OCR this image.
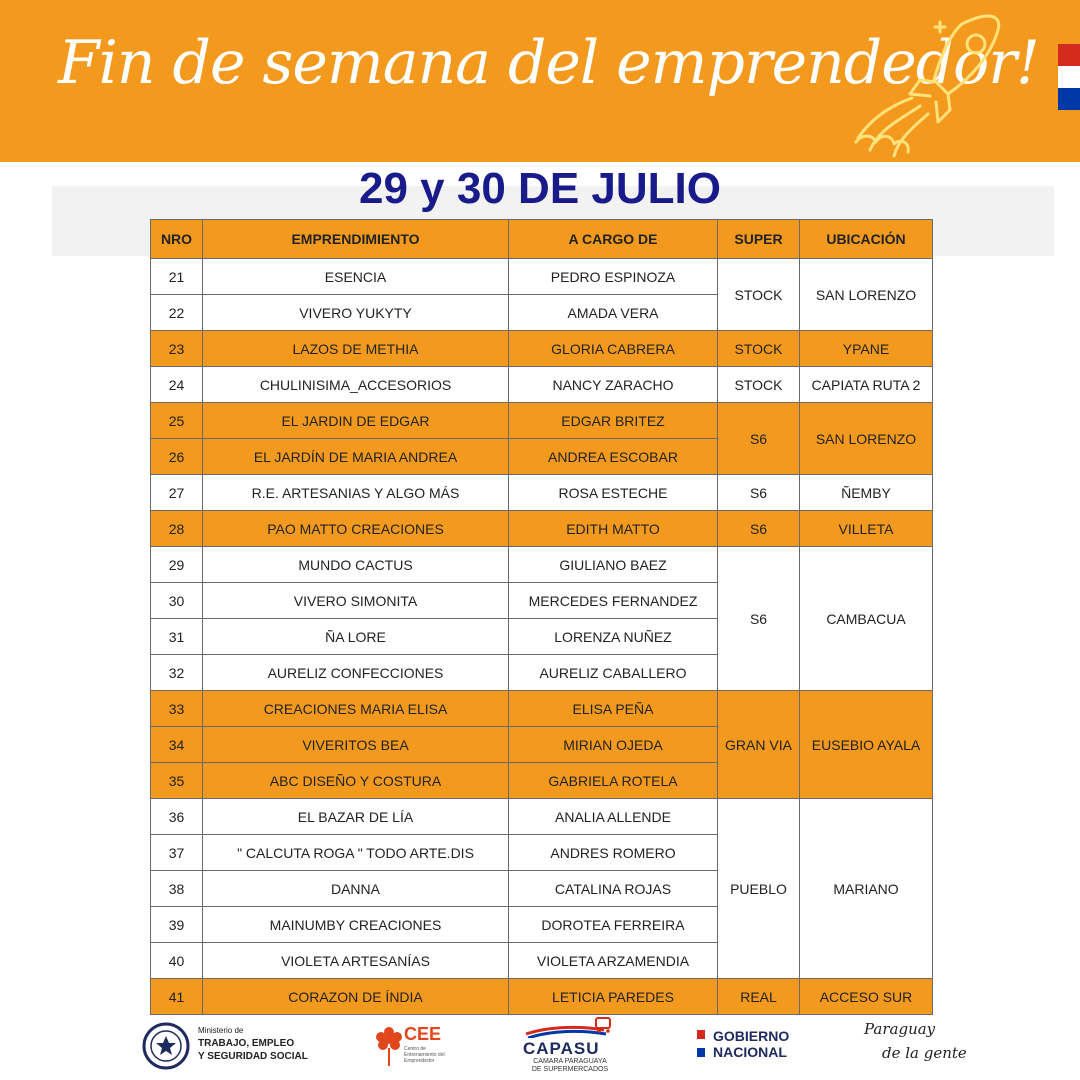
Fin de semana del emprendedor!
29 y 30 DE JULIO
NRO	EMPRENDIMIENTO	A CARGO DE	SUPER	UBICACIÓN
21	ESENCIA	PEDRO ESPINOZA	STOCK	SAN LORENZO
22	VIVERO YUKYTY	AMADA VERA		
23	LAZOS DE METHIA	GLORIA CABRERA	STOCK	YPANE
24	CHULINISIMA_ACCESORIOS	NANCY ZARACHO	STOCK	CAPIATA RUTA 2
25	EL JARDIN DE EDGAR	EDGAR BRITEZ	S6	SAN LORENZO
26	EL JARDÍN DE MARIA ANDREA	ANDREA ESCOBAR		
27	R.E. ARTESANIAS Y ALGO MÁS	ROSA ESTECHE	S6	ÑEMBY
28	PAO MATTO CREACIONES	EDITH MATTO	S6	VILLETA
29	MUNDO CACTUS	GIULIANO BAEZ	S6	CAMBACUA
30	VIVERO SIMONITA	MERCEDES FERNANDEZ		
31	ÑA LORE	LORENZA NUÑEZ		
32	AURELIZ CONFECCIONES	AURELIZ CABALLERO		
33	CREACIONES MARIA ELISA	ELISA PEÑA	GRAN VIA	EUSEBIO AYALA
34	VIVERITOS BEA	MIRIAN OJEDA		
35	ABC DISEÑO Y COSTURA	GABRIELA ROTELA		
36	EL BAZAR DE LÍA	ANALIA ALLENDE	PUEBLO	MARIANO
37	" CALCUTA ROGA " TODO ARTE.DIS	ANDRES ROMERO		
38	DANNA	CATALINA ROJAS		
39	MAINUMBY CREACIONES	DOROTEA FERREIRA		
40	VIOLETA ARTESANÍAS	VIOLETA ARZAMENDIA		
41	CORAZON DE ÍNDIA	LETICIA PAREDES	REAL	ACCESO SUR
Ministerio de
TRABAJO, EMPLEO
Y SEGURIDAD SOCIAL
CEE
Centro de Entrenamiento del Emprendedor
CAPASU
CAMARA PARAGUAYA
DE SUPERMERCADOS
GOBIERNO
NACIONAL
Paraguay
de la gente
